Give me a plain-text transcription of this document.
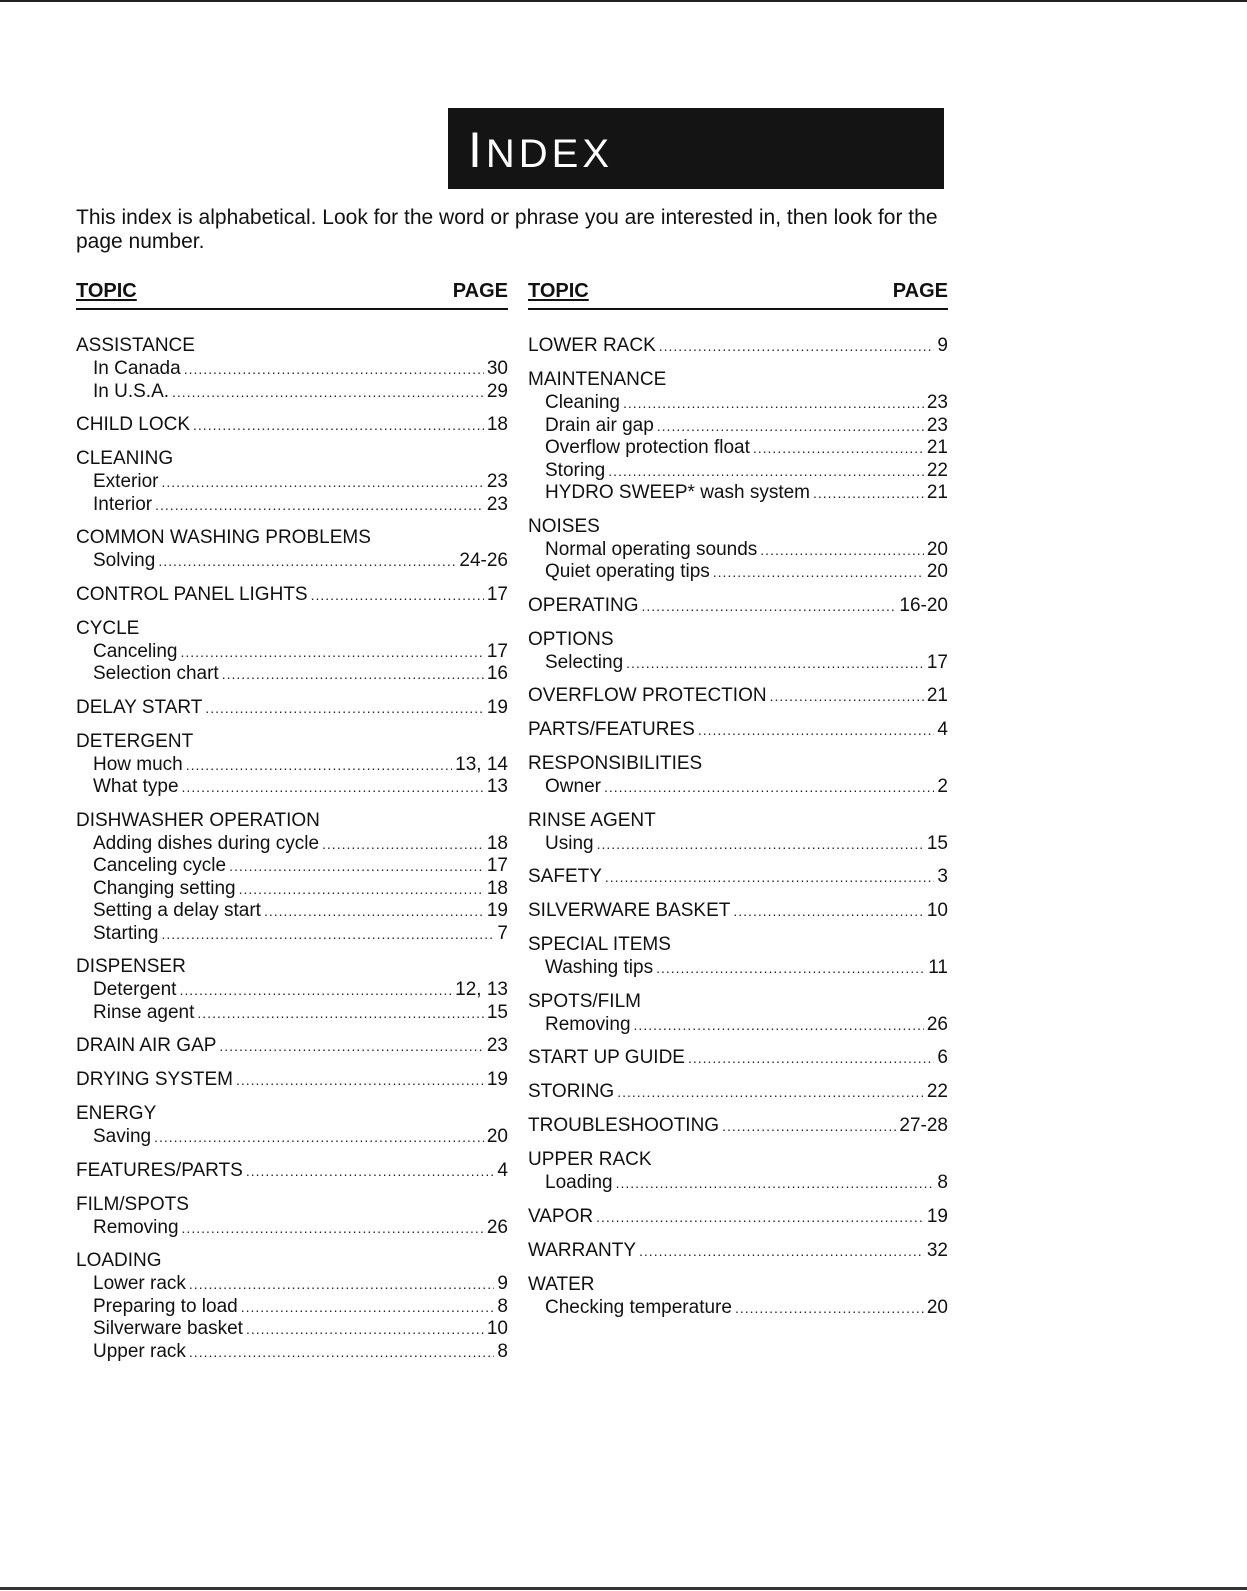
INDEX
This index is alphabetical. Look for the word or phrase you are interested in, then look for the page number.
TOPIC	PAGE
ASSISTANCE
In Canada .....	30
In U.S.A. .....	29
CHILD LOCK .....	18
CLEANING
Exterior .....	23
Interior .....	23
COMMON WASHING PROBLEMS
Solving .....	24-26
CONTROL PANEL LIGHTS .....	17
CYCLE
Canceling .....	17
Selection chart .....	16
DELAY START .....	19
DETERGENT
How much .....	13, 14
What type .....	13
DISHWASHER OPERATION
Adding dishes during cycle .....	18
Canceling cycle .....	17
Changing setting .....	18
Setting a delay start .....	19
Starting .....	7
DISPENSER
Detergent .....	12, 13
Rinse agent .....	15
DRAIN AIR GAP .....	23
DRYING SYSTEM .....	19
ENERGY
Saving .....	20
FEATURES/PARTS .....	4
FILM/SPOTS
Removing .....	26
LOADING
Lower rack .....	9
Preparing to load .....	8
Silverware basket .....	10
Upper rack .....	8
TOPIC	PAGE
LOWER RACK .....	9
MAINTENANCE
Cleaning .....	23
Drain air gap .....	23
Overflow protection float .....	21
Storing .....	22
HYDRO SWEEP* wash system .....	21
NOISES
Normal operating sounds .....	20
Quiet operating tips .....	20
OPERATING .....	16-20
OPTIONS
Selecting .....	17
OVERFLOW PROTECTION .....	21
PARTS/FEATURES .....	4
RESPONSIBILITIES
Owner .....	2
RINSE AGENT
Using .....	15
SAFETY .....	3
SILVERWARE BASKET .....	10
SPECIAL ITEMS
Washing tips .....	11
SPOTS/FILM
Removing .....	26
START UP GUIDE .....	6
STORING .....	22
TROUBLESHOOTING .....	27-28
UPPER RACK
Loading .....	8
VAPOR .....	19
WARRANTY .....	32
WATER
Checking temperature .....	20
